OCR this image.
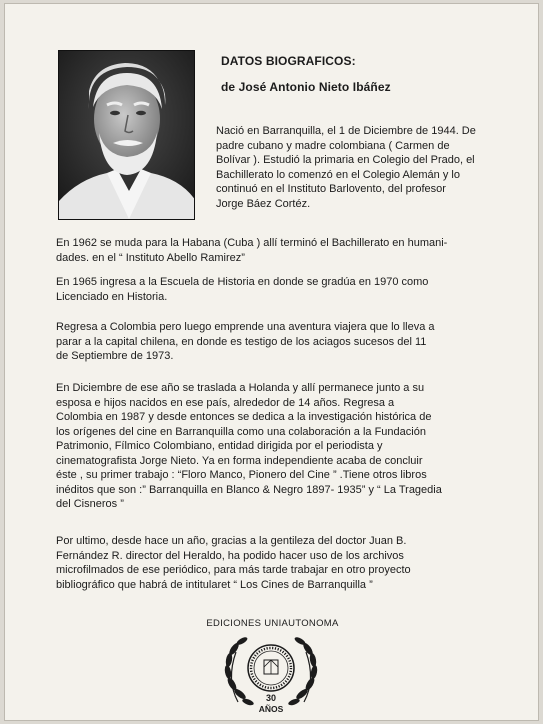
DATOS BIOGRAFICOS:
de José Antonio Nieto Ibáñez
Nació en Barranquilla, el 1 de Diciembre de 1944. De
padre cubano y madre colombiana ( Carmen de
Bolívar ). Estudió la primaria en Colegio del Prado, el
Bachillerato lo comenzó en el Colegio Alemán y lo
continuó en el Instituto Barlovento, del profesor
Jorge Báez Cortéz.
En 1962 se muda para la Habana (Cuba ) allí terminó el Bachillerato en humani-
dades. en el “ Instituto Abello Ramirez”
En 1965 ingresa a la Escuela de Historia en donde se gradúa en 1970 como
Licenciado en Historia.
Regresa a Colombia pero luego emprende una aventura viajera que lo lleva a
parar a la capital chilena, en donde es testigo de los aciagos sucesos del 11
de Septiembre de 1973.
En Diciembre de ese año se traslada a Holanda y allí permanece junto a su
esposa e hijos nacidos en ese país, alrededor de 14 años. Regresa a
Colombia en 1987 y desde entonces se dedica a la investigación histórica de
los orígenes del cine en Barranquilla como una colaboración a la Fundación
Patrimonio, Fílmico Colombiano, entidad dirigida por el periodista y
cinematografista Jorge Nieto. Ya en forma independiente acaba de concluir
éste , su primer trabajo : “Floro Manco, Pionero del Cine ” .Tiene otros libros
inéditos que son :” Barranquilla en Blanco & Negro 1897- 1935” y “ La Tragedia
del Cisneros ”
Por ultimo, desde hace un año, gracias a la gentileza del doctor Juan B.
Fernández R. director del Heraldo, ha podido hacer uso de los archivos
microfilmados de ese periódico, para más tarde trabajar en otro proyecto
bibliográfico que habrá de intitularet “ Los Cines de Barranquilla ”
EDICIONES UNIAUTONOMA
30
AÑOS
